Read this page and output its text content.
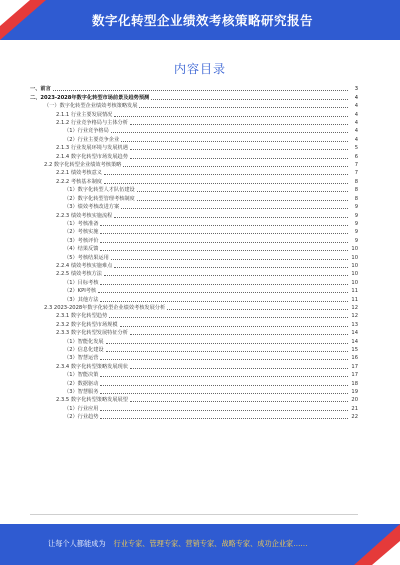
数字化转型企业绩效考核策略研究报告
内容目录
一、前言	3
二、2023-2028年数字化转型市场前景及趋势预测	4
（一）数字化转型企业绩效考核策略发展	4
2.1.1 行业主要发展情况	4
2.1.2 行业竞争格局与主体分析	4
（1）行业竞争格局	4
（2）行业主要竞争企业	4
2.1.3 行业发展环境与发展机遇	5
2.1.4 数字化转型市场发展趋势	6
2.2 数字化转型企业绩效考核策略	7
2.2.1 绩效考核意义	7
2.2.2 考核基本制度	8
（1）数字化转型人才队伍建设	8
（2）数字化转型管理考核制度	8
（3）绩效考核改进方案	9
2.2.3 绩效考核实施流程	9
（1）考核准备	9
（2）考核实施	9
（3）考核评价	9
（4）结果反馈	10
（5）考核结果运用	10
2.2.4 绩效考核实施难点	10
2.2.5 绩效考核方法	10
（1）目标考核	10
（2）KPI考核	11
（3）其他方法	11
2.3 2023-2028年数字化转型企业绩效考核发展分析	12
2.3.1 数字化转型趋势	12
2.3.2 数字化转型市场规模	13
2.3.3 数字化转型发展特征分析	14
（1）智能化发展	14
（2）信息化建设	15
（3）智慧运营	16
2.3.4 数字化转型策略发展现状	17
（1）智能决策	17
（2）数据驱动	18
（3）智慧服务	19
2.3.5 数字化转型策略发展展望	20
（1）行业应用	21
（2）行业趋势	22
让每个人都能成为 行业专家、管理专家、营销专家、战略专家、成功企业家……
